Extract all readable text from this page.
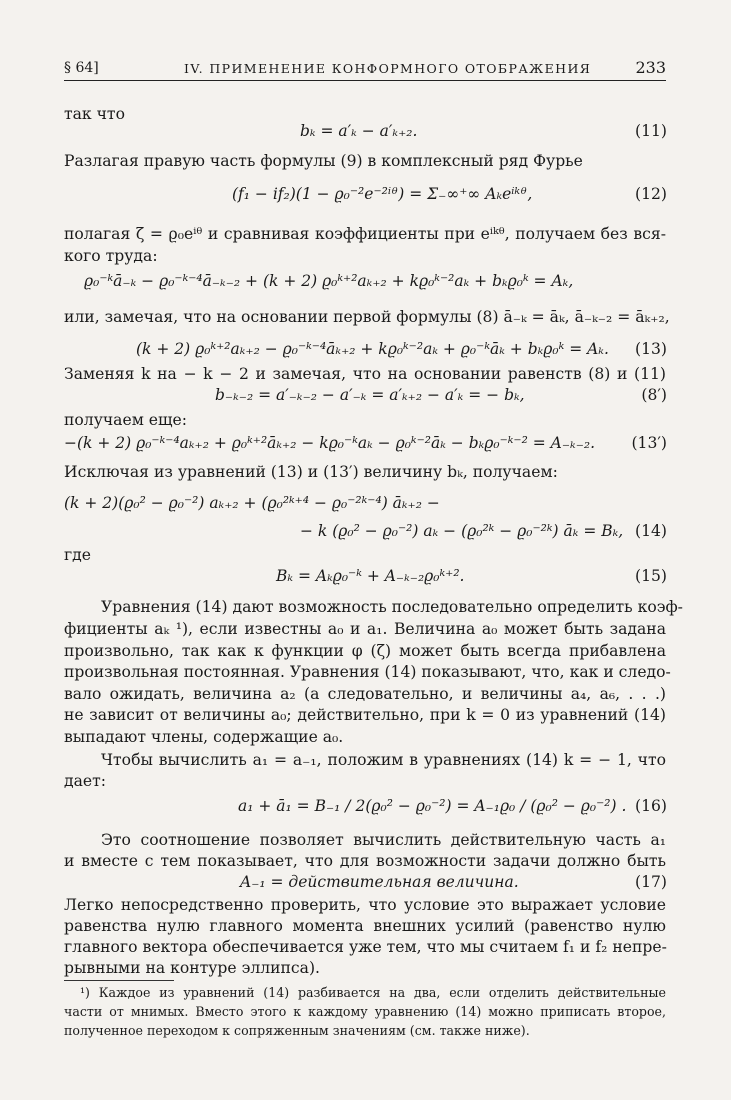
§ 64]	IV. ПРИМЕНЕНИЕ КОНФОРМНОГО ОТОБРАЖЕНИЯ	233
так что
bₖ = a′ₖ − a′ₖ₊₂.	(11)
Разлагая правую часть формулы (9) в комплексный ряд Фурье
(f₁ − if₂)(1 − ϱ₀⁻²e⁻²ⁱᶿ) = Σ₋∞⁺∞ Aₖeⁱᵏᶿ,	(12)
полагая ζ = ϱ₀eⁱᶿ и сравнивая коэффициенты при eⁱᵏᶿ, получаем без вся-
кого труда:
ϱ₀⁻ᵏā₋ₖ − ϱ₀⁻ᵏ⁻⁴ā₋ₖ₋₂ + (k + 2) ϱ₀ᵏ⁺²aₖ₊₂ + kϱ₀ᵏ⁻²aₖ + bₖϱ₀ᵏ = Aₖ,
или, замечая, что на основании первой формулы (8) ā₋ₖ = āₖ, ā₋ₖ₋₂ = āₖ₊₂,
(k + 2) ϱ₀ᵏ⁺²aₖ₊₂ − ϱ₀⁻ᵏ⁻⁴āₖ₊₂ + kϱ₀ᵏ⁻²aₖ + ϱ₀⁻ᵏāₖ + bₖϱ₀ᵏ = Aₖ. (13)
Заменяя k на − k − 2 и замечая, что на основании равенств (8) и (11)
b₋ₖ₋₂ = a′₋ₖ₋₂ − a′₋ₖ = a′ₖ₊₂ − a′ₖ = − bₖ,	(8′)
получаем еще:
−(k + 2) ϱ₀⁻ᵏ⁻⁴aₖ₊₂ + ϱ₀ᵏ⁺²āₖ₊₂ − kϱ₀⁻ᵏaₖ − ϱ₀ᵏ⁻²āₖ − bₖϱ₀⁻ᵏ⁻² = A₋ₖ₋₂. (13′)
Исключая из уравнений (13) и (13′) величину bₖ, получаем:
(k + 2)(ϱ₀² − ϱ₀⁻²) aₖ₊₂ + (ϱ₀²ᵏ⁺⁴ − ϱ₀⁻²ᵏ⁻⁴) āₖ₊₂ −
− k (ϱ₀² − ϱ₀⁻²) aₖ − (ϱ₀²ᵏ − ϱ₀⁻²ᵏ) āₖ = Bₖ, (14)
где
Bₖ = Aₖϱ₀⁻ᵏ + A₋ₖ₋₂ϱ₀ᵏ⁺².	(15)
Уравнения (14) дают возможность последовательно определить коэф-
фициенты aₖ ¹), если известны a₀ и a₁. Величина a₀ может быть задана
произвольно, так как к функции φ (ζ) может быть всегда прибавлена
произвольная постоянная. Уравнения (14) показывают, что, как и следо-
вало ожидать, величина a₂ (а следовательно, и величины a₄, a₆, . . .)
не зависит от величины a₀; действительно, при k = 0 из уравнений (14)
выпадают члены, содержащие a₀.
Чтобы вычислить a₁ = a₋₁, положим в уравнениях (14) k = − 1, что
дает:
a₁ + ā₁ = B₋₁ / 2(ϱ₀² − ϱ₀⁻²) = A₋₁ϱ₀ / (ϱ₀² − ϱ₀⁻²) . (16)
Это соотношение позволяет вычислить действительную часть a₁
и вместе с тем показывает, что для возможности задачи должно быть
A₋₁ = действительная величина.	(17)
Легко непосредственно проверить, что условие это выражает условие
равенства нулю главного момента внешних усилий (равенство нулю
главного вектора обеспечивается уже тем, что мы считаем f₁ и f₂ непре-
рывными на контуре эллипса).
¹) Каждое из уравнений (14) разбивается на два, если отделить действительные
части от мнимых. Вместо этого к каждому уравнению (14) можно приписать второе,
полученное переходом к сопряженным значениям (см. также ниже).
